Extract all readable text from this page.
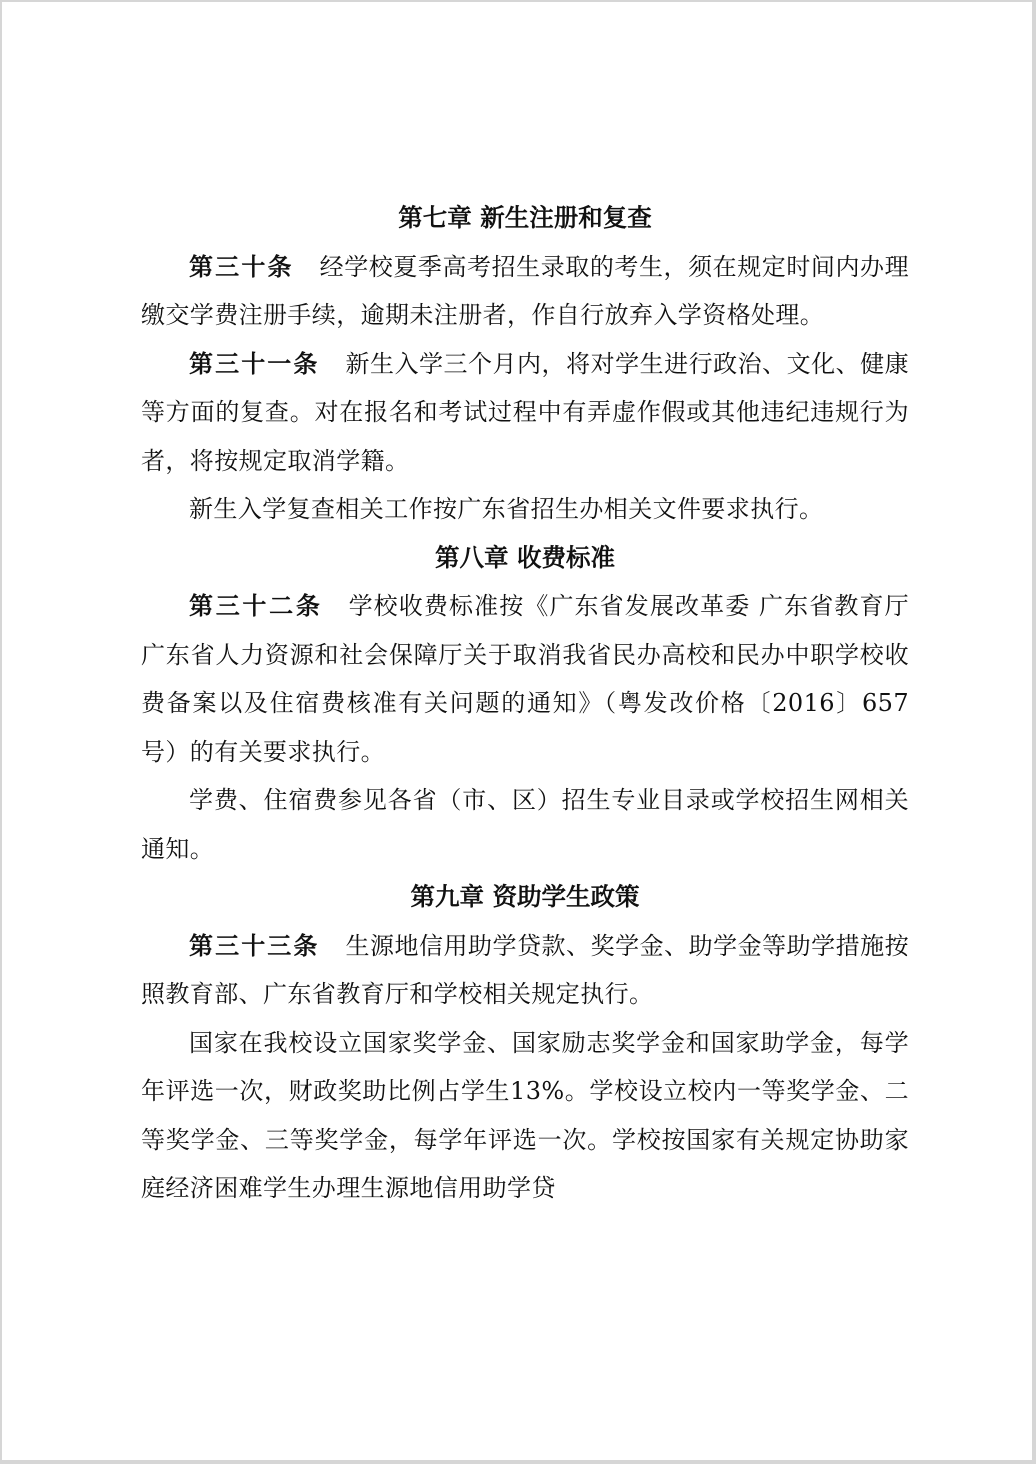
第七章 新生注册和复查

第三十条 经学校夏季高考招生录取的考生，须在规定时间内办理缴交学费注册手续，逾期未注册者，作自行放弃入学资格处理。

第三十一条 新生入学三个月内，将对学生进行政治、文化、健康等方面的复查。对在报名和考试过程中有弄虚作假或其他违纪违规行为者，将按规定取消学籍。

新生入学复查相关工作按广东省招生办相关文件要求执行。

第八章 收费标准

第三十二条 学校收费标准按《广东省发展改革委 广东省教育厅 广东省人力资源和社会保障厅关于取消我省民办高校和民办中职学校收费备案以及住宿费核准有关问题的通知》（粤发改价格〔2016〕657号）的有关要求执行。

学费、住宿费参见各省（市、区）招生专业目录或学校招生网相关通知。

第九章 资助学生政策

第三十三条 生源地信用助学贷款、奖学金、助学金等助学措施按照教育部、广东省教育厅和学校相关规定执行。

国家在我校设立国家奖学金、国家励志奖学金和国家助学金，每学年评选一次，财政奖助比例占学生13%。学校设立校内一等奖学金、二等奖学金、三等奖学金，每学年评选一次。学校按国家有关规定协助家庭经济困难学生办理生源地信用助学贷
